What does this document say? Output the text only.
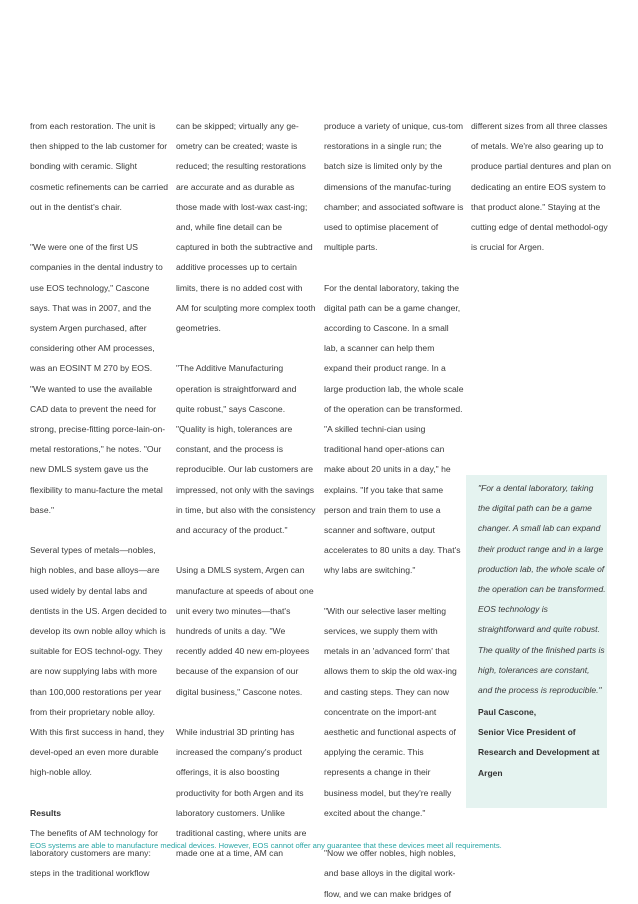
from each restoration. The unit is then shipped to the lab customer for bonding with ceramic. Slight cosmetic refinements can be carried out in the dentist's chair.

"We were one of the first US companies in the dental industry to use EOS technology," Cascone says. That was in 2007, and the system Argen purchased, after considering other AM processes, was an EOSINT M 270 by EOS. "We wanted to use the available CAD data to prevent the need for strong, precise-fitting porce-lain-on-metal restorations," he notes. "Our new DMLS system gave us the flexibility to manu-facture the metal base."

Several types of metals—nobles, high nobles, and base alloys—are used widely by dental labs and dentists in the US. Argen decided to develop its own noble alloy which is suitable for EOS technol-ogy. They are now supplying labs with more than 100,000 restorations per year from their proprietary noble alloy. With this first success in hand, they devel-oped an even more durable high-noble alloy.

Results

The benefits of AM technology for laboratory customers are many: steps in the traditional workflow

can be skipped; virtually any ge-ometry can be created; waste is reduced; the resulting restorations are accurate and as durable as those made with lost-wax cast-ing; and, while fine detail can be captured in both the subtractive and additive processes up to certain limits, there is no added cost with AM for sculpting more complex tooth geometries.

"The Additive Manufacturing operation is straightforward and quite robust," says Cascone. "Quality is high, tolerances are constant, and the process is reproducible. Our lab customers are impressed, not only with the savings in time, but also with the consistency and accuracy of the product."

Using a DMLS system, Argen can manufacture at speeds of about one unit every two minutes—that's hundreds of units a day. "We recently added 40 new em-ployees because of the expansion of our digital business," Cascone notes.

While industrial 3D printing has increased the company's product offerings, it is also boosting productivity for both Argen and its laboratory customers. Unlike traditional casting, where units are made one at a time, AM can

produce a variety of unique, cus-tom restorations in a single run; the batch size is limited only by the dimensions of the manufac-turing chamber; and associated software is used to optimise placement of multiple parts.

For the dental laboratory, taking the digital path can be a game changer, according to Cascone. In a small lab, a scanner can help them expand their product range. In a large production lab, the whole scale of the operation can be transformed. "A skilled techni-cian using traditional hand oper-ations can make about 20 units in a day," he explains. "If you take that same person and train them to use a scanner and software, output accelerates to 80 units a day. That's why labs are switching."

"With our selective laser melting services, we supply them with metals in an 'advanced form' that allows them to skip the old wax-ing and casting steps. They can now concentrate on the import-ant aesthetic and functional aspects of applying the ceramic. This represents a change in their business model, but they're really excited about the change."

"Now we offer nobles, high nobles, and base alloys in the digital work-flow, and we can make bridges of

different sizes from all three classes of metals. We're also gearing up to produce partial dentures and plan on dedicating an entire EOS system to that product alone." Staying at the cutting edge of dental methodol-ogy is crucial for Argen.

"For a dental laboratory, taking the digital path can be a game changer. A small lab can expand their product range and in a large production lab, the whole scale of the operation can be transformed. EOS technology is straightforward and quite robust. The quality of the finished parts is high, tolerances are constant, and the process is reproducible."

Paul Cascone,

Senior Vice President of Research and Development at Argen

EOS systems are able to manufacture medical devices. However, EOS cannot offer any guarantee that these devices meet all requirements.
